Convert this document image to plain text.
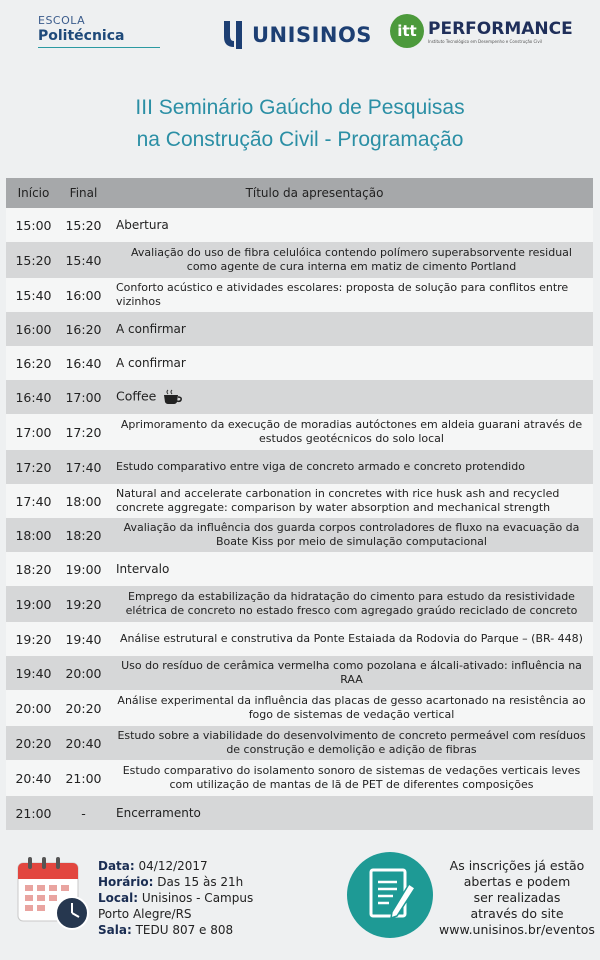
ESCOLA
Politécnica	UNISINOS	itt PERFORMANCE
Instituto Tecnológico em Desempenho e Construção Civil
III Seminário Gaúcho de Pesquisas
na Construção Civil - Programação
Início	Final	Título da apresentação
15:00	15:20	Abertura
15:20	15:40	Avaliação do uso de fibra celulóica contendo polímero superabsorvente residual como agente de cura interna em matiz de cimento Portland
15:40	16:00	Conforto acústico e atividades escolares: proposta de solução para conflitos entre vizinhos
16:00	16:20	A confirmar
16:20	16:40	A confirmar
16:40	17:00	Coffee
17:00	17:20	Aprimoramento da execução de moradias autóctones em aldeia guarani através de estudos geotécnicos do solo local
17:20	17:40	Estudo comparativo entre viga de concreto armado e concreto protendido
17:40	18:00	Natural and accelerate carbonation in concretes with rice husk ash and recycled concrete aggregate: comparison by water absorption and mechanical strength
18:00	18:20	Avaliação da influência dos guarda corpos controladores de fluxo na evacuação da Boate Kiss por meio de simulação computacional
18:20	19:00	Intervalo
19:00	19:20	Emprego da estabilização da hidratação do cimento para estudo da resistividade elétrica de concreto no estado fresco com agregado graúdo reciclado de concreto
19:20	19:40	Análise estrutural e construtiva da Ponte Estaiada da Rodovia do Parque – (BR- 448)
19:40	20:00	Uso do resíduo de cerâmica vermelha como pozolana e álcali-ativado: influência na RAA
20:00	20:20	Análise experimental da influência das placas de gesso acartonado na resistência ao fogo de sistemas de vedação vertical
20:20	20:40	Estudo sobre a viabilidade do desenvolvimento de concreto permeável com resíduos de construção e demolição e adição de fibras
20:40	21:00	Estudo comparativo do isolamento sonoro de sistemas de vedações verticais leves com utilização de mantas de lã de PET de diferentes composições
21:00	-	Encerramento
Data: 04/12/2017
Horário: Das 15 às 21h
Local: Unisinos - Campus
Porto Alegre/RS
Sala: TEDU 807 e 808
As inscrições já estão
abertas e podem
ser realizadas
através do site
www.unisinos.br/eventos
